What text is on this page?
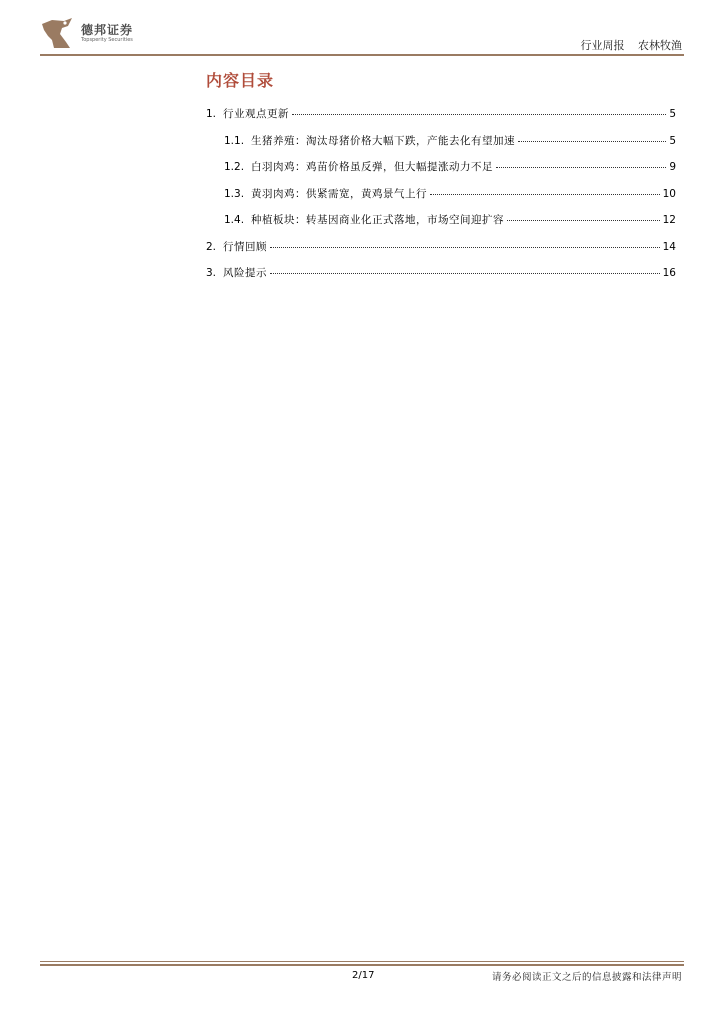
德邦证券
Topsperity Securities	行业周报 农林牧渔
内容目录
1. 行业观点更新	5
1.1. 生猪养殖：淘汰母猪价格大幅下跌，产能去化有望加速	5
1.2. 白羽肉鸡：鸡苗价格虽反弹，但大幅提涨动力不足	9
1.3. 黄羽肉鸡：供紧需宽，黄鸡景气上行	10
1.4. 种植板块：转基因商业化正式落地，市场空间迎扩容	12
2. 行情回顾	14
3. 风险提示	16
2/17	请务必阅读正文之后的信息披露和法律声明
